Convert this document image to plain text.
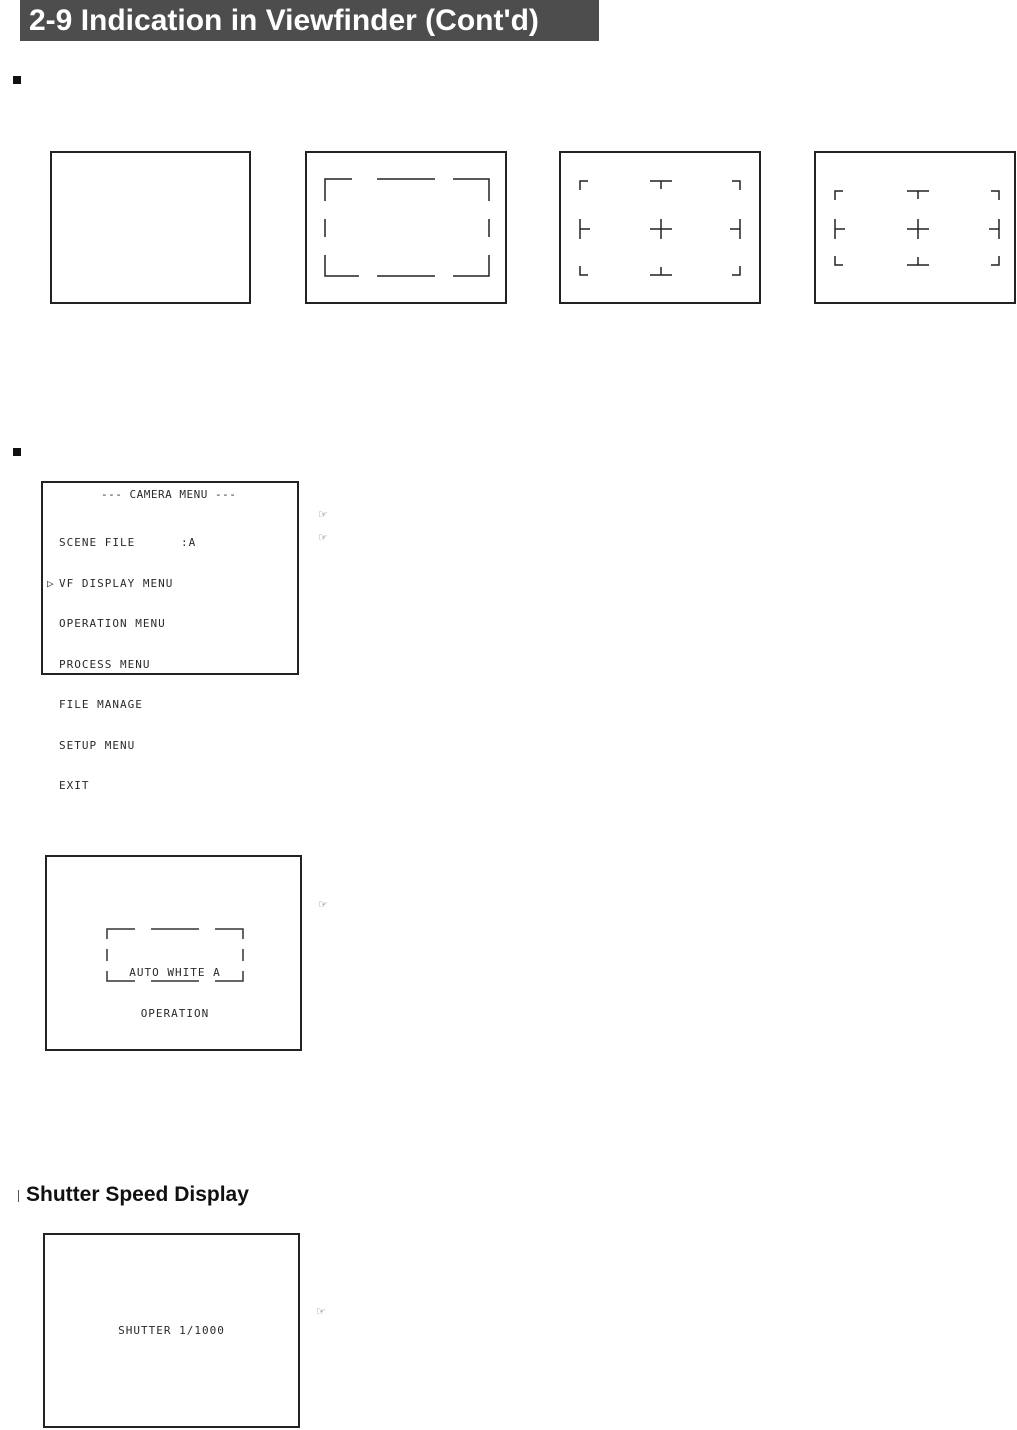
2-9 Indication in Viewfinder (Cont'd)
--- CAMERA MENU ---

SCENE FILE      :A

▷ VF DISPLAY MENU

OPERATION MENU

PROCESS MENU

FILE MANAGE

SETUP MENU

EXIT

☞
☞

AUTO WHITE A

OPERATION

☞
Shutter Speed Display
SHUTTER 1/1000
☞
